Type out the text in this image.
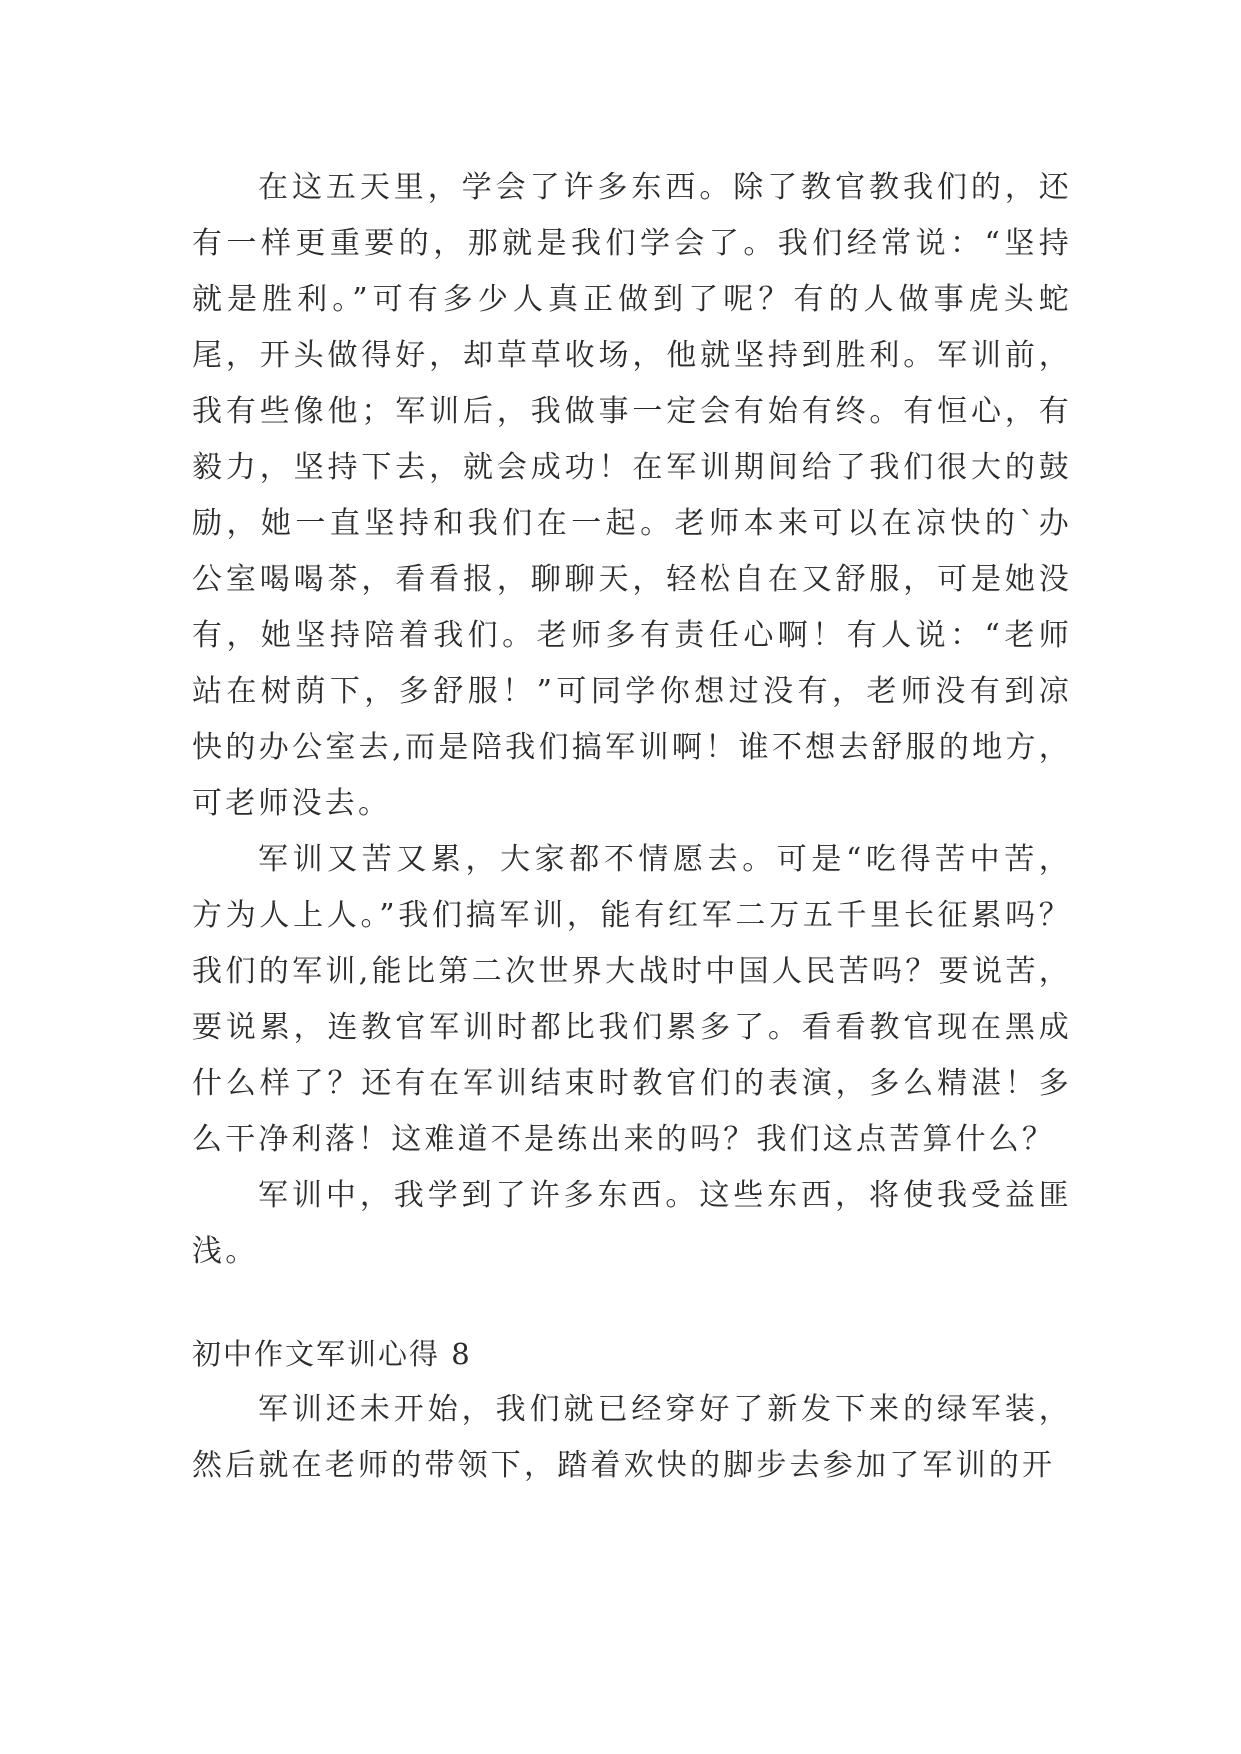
在这五天里，学会了许多东西。除了教官教我们的，还有一样更重要的，那就是我们学会了。我们经常说：“坚持就是胜利。”可有多少人真正做到了呢？有的人做事虎头蛇尾，开头做得好，却草草收场，他就坚持到胜利。军训前，我有些像他；军训后，我做事一定会有始有终。有恒心，有毅力，坚持下去，就会成功！在军训期间给了我们很大的鼓励，她一直坚持和我们在一起。老师本来可以在凉快的`办公室喝喝茶，看看报，聊聊天，轻松自在又舒服，可是她没有，她坚持陪着我们。老师多有责任心啊！有人说：“老师站在树荫下，多舒服！”可同学你想过没有，老师没有到凉快的办公室去,而是陪我们搞军训啊！谁不想去舒服的地方，可老师没去。

军训又苦又累，大家都不情愿去。可是“吃得苦中苦，方为人上人。”我们搞军训，能有红军二万五千里长征累吗？我们的军训,能比第二次世界大战时中国人民苦吗？要说苦，要说累，连教官军训时都比我们累多了。看看教官现在黑成什么样了？还有在军训结束时教官们的表演，多么精湛！多么干净利落！这难道不是练出来的吗？我们这点苦算什么？

军训中，我学到了许多东西。这些东西，将使我受益匪浅。

初中作文军训心得 8

军训还未开始，我们就已经穿好了新发下来的绿军装，然后就在老师的带领下，踏着欢快的脚步去参加了军训的开
